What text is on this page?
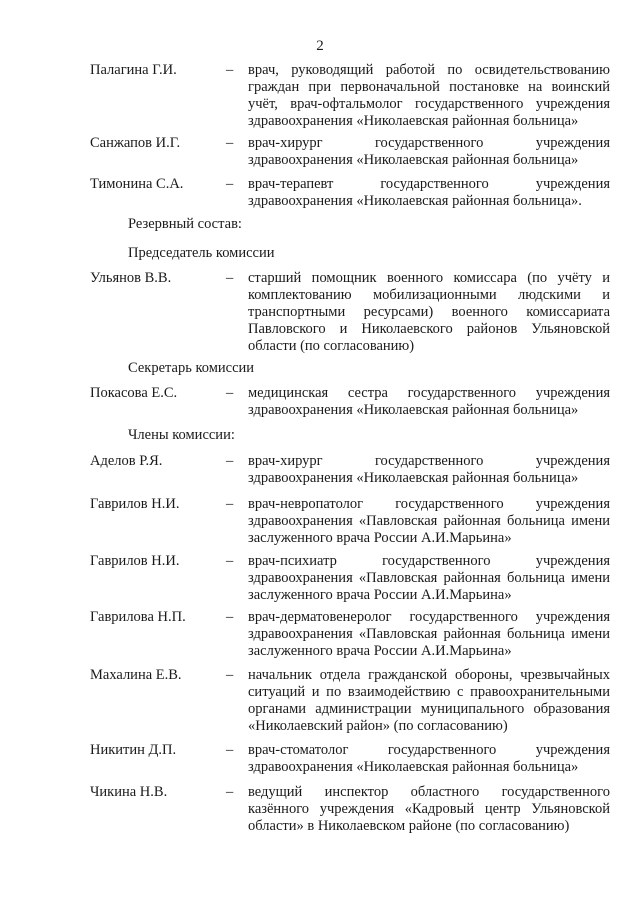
2
Палагина Г.И.	– врач, руководящий работой по освидетельствованию граждан при первоначальной постановке на воинский учёт, врач-офтальмолог государственного учреждения здравоохранения «Николаевская районная больница»

Санжапов И.Г.	– врач-хирург государственного учреждения здравоохранения «Николаевская районная больница»

Тимонина С.А.	– врач-терапевт государственного учреждения здравоохранения «Николаевская районная больница».

Резервный состав:
Председатель комиссии
Ульянов В.В.	– старший помощник военного комиссара (по учёту и комплектованию мобилизационными людскими и транспортными ресурсами) военного комиссариата Павловского и Николаевского районов Ульяновской области (по согласованию)

Секретарь комиссии
Покасова Е.С.	– медицинская сестра государственного учреждения здравоохранения «Николаевская районная больница»

Члены комиссии:
Аделов Р.Я.	– врач-хирург государственного учреждения здравоохранения «Николаевская районная больница»

Гаврилов Н.И.	– врач-невропатолог государственного учреждения здравоохранения «Павловская районная больница имени заслуженного врача России А.И.Марьина»

Гаврилов Н.И.	– врач-психиатр государственного учреждения здравоохранения «Павловская районная больница имени заслуженного врача России А.И.Марьина»

Гаврилова Н.П.	– врач-дерматовенеролог государственного учреждения здравоохранения «Павловская районная больница имени заслуженного врача России А.И.Марьина»

Махалина Е.В.	– начальник отдела гражданской обороны, чрезвычайных ситуаций и по взаимодействию с правоохранительными органами администрации муниципального образования «Николаевский район» (по согласованию)

Никитин Д.П.	– врач-стоматолог государственного учреждения здравоохранения «Николаевская районная больница»

Чикина Н.В.	– ведущий инспектор областного государственного казённого учреждения «Кадровый центр Ульяновской области» в Николаевском районе (по согласованию)
